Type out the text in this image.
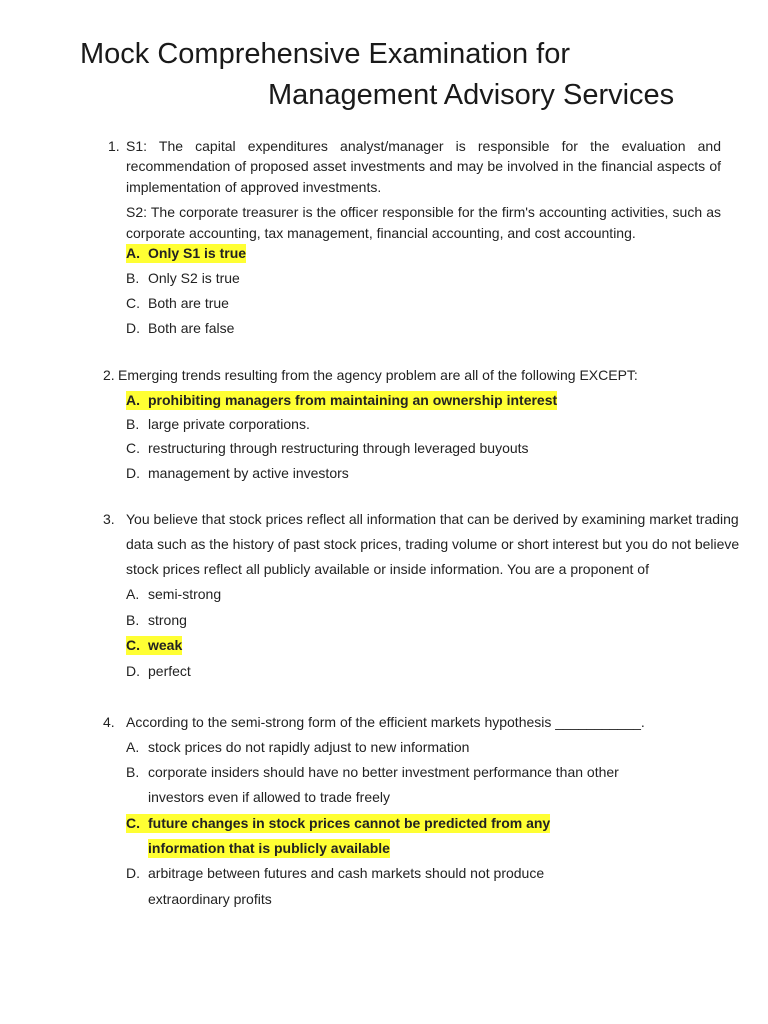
Mock Comprehensive Examination for
Management Advisory Services
1. S1: The capital expenditures analyst/manager is responsible for the evaluation and
recommendation of proposed asset investments and may be involved in the financial aspects of
implementation of approved investments.
S2: The corporate treasurer is the officer responsible for the firm's accounting activities, such as
corporate accounting, tax management, financial accounting, and cost accounting.
A. Only S1 is true
B. Only S2 is true
C. Both are true
D. Both are false
2. Emerging trends resulting from the agency problem are all of the following EXCEPT:
A. prohibiting managers from maintaining an ownership interest
B. large private corporations.
C. restructuring through restructuring through leveraged buyouts
D. management by active investors
3. You believe that stock prices reflect all information that can be derived by examining market trading
data such as the history of past stock prices, trading volume or short interest but you do not believe
stock prices reflect all publicly available or inside information. You are a proponent of
A. semi-strong
B. strong
C. weak
D. perfect
4. According to the semi-strong form of the efficient markets hypothesis ___________.
A. stock prices do not rapidly adjust to new information
B. corporate insiders should have no better investment performance than other
investors even if allowed to trade freely
C. future changes in stock prices cannot be predicted from any
information that is publicly available
D. arbitrage between futures and cash markets should not produce
extraordinary profits
